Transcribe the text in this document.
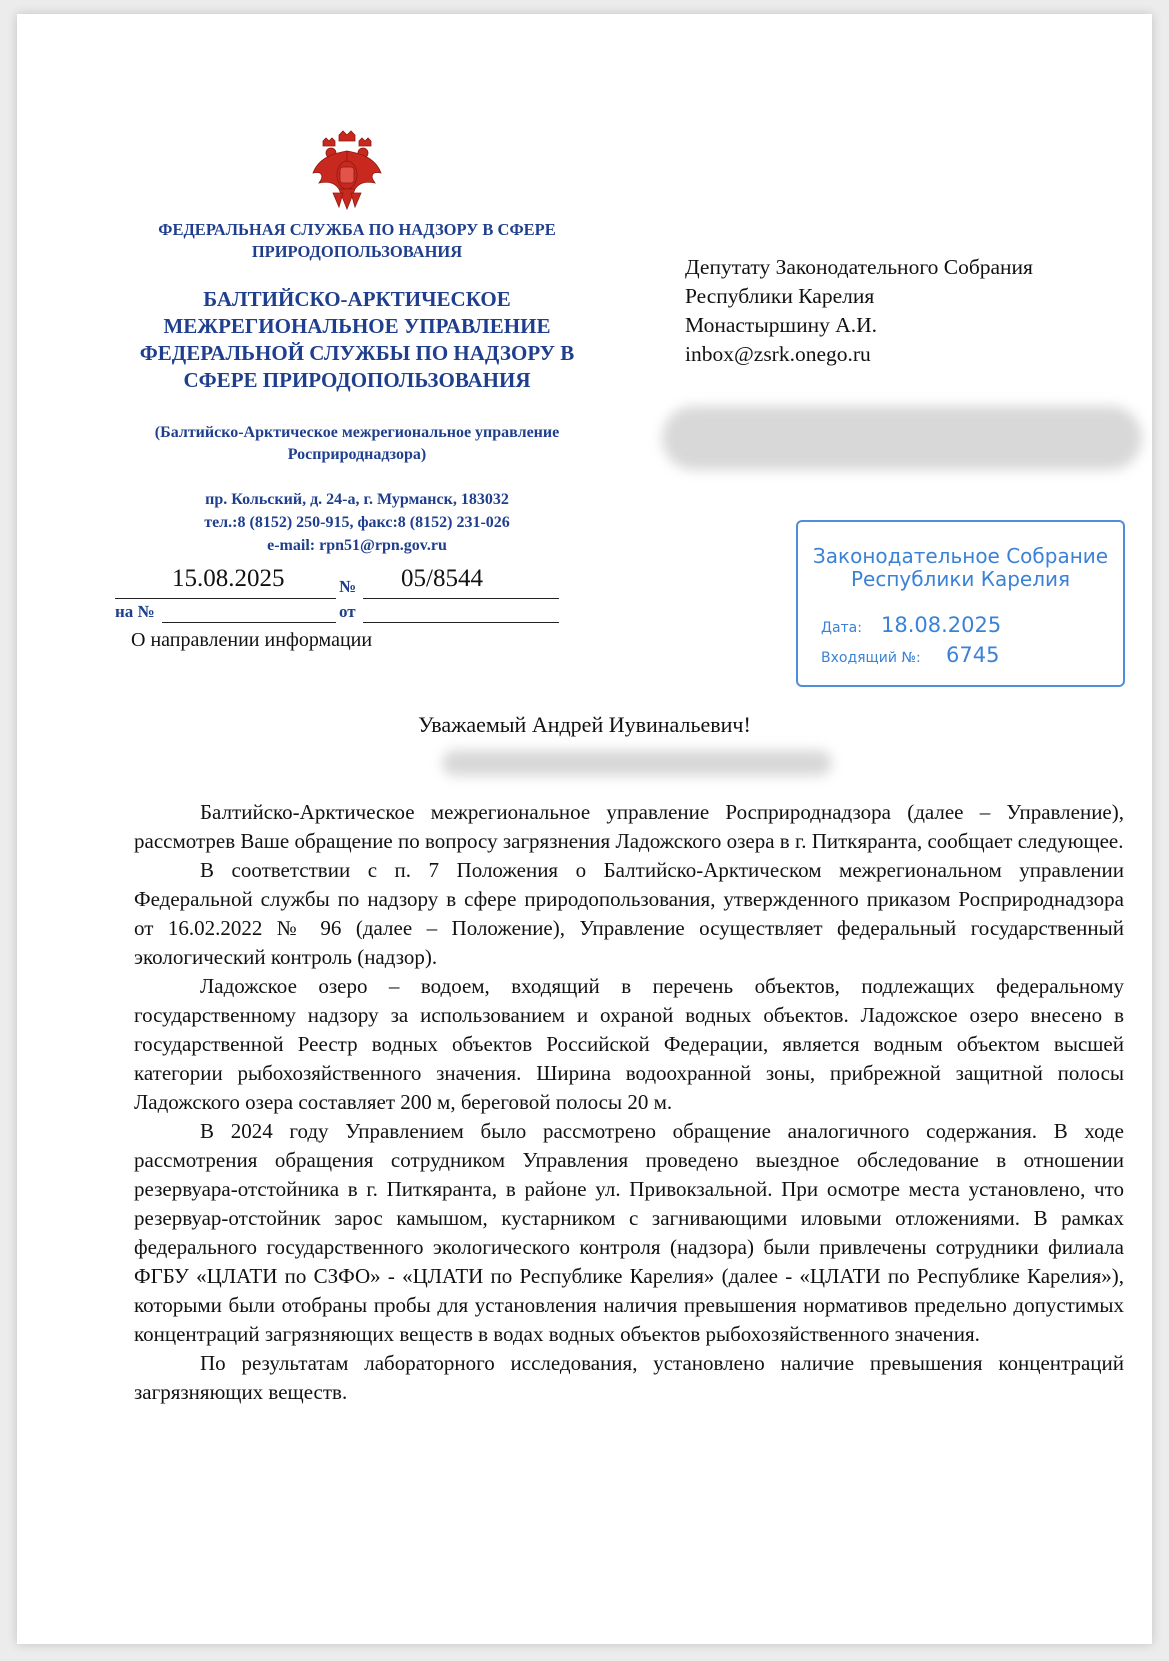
ФЕДЕРАЛЬНАЯ СЛУЖБА ПО НАДЗОРУ В СФЕРЕ ПРИРОДОПОЛЬЗОВАНИЯ
БАЛТИЙСКО-АРКТИЧЕСКОЕ МЕЖРЕГИОНАЛЬНОЕ УПРАВЛЕНИЕ ФЕДЕРАЛЬНОЙ СЛУЖБЫ ПО НАДЗОРУ В СФЕРЕ ПРИРОДОПОЛЬЗОВАНИЯ
(Балтийско-Арктическое межрегиональное управление Росприроднадзора)
пр. Кольский, д. 24-а, г. Мурманск, 183032
тел.:8 (8152) 250-915, факс:8 (8152) 231-026
e-mail: rpn51@rpn.gov.ru
15.08.2025	№ 05/8544
на №	от
О направлении информации
Депутату Законодательного Собрания
Республики Карелия
Монастыршину А.И.
inbox@zsrk.onego.ru
Законодательное Собрание
Республики Карелия
Дата: 18.08.2025
Входящий №: 6745
Уважаемый Андрей Иувинальевич!

Балтийско-Арктическое межрегиональное управление Росприроднадзора (далее – Управление), рассмотрев Ваше обращение по вопросу загрязнения Ладожского озера в г. Питкяранта, сообщает следующее.

В соответствии с п. 7 Положения о Балтийско-Арктическом межрегиональном управлении Федеральной службы по надзору в сфере природопользования, утвержденного приказом Росприроднадзора от 16.02.2022 № 96 (далее – Положение), Управление осуществляет федеральный государственный экологический контроль (надзор).

Ладожское озеро – водоем, входящий в перечень объектов, подлежащих федеральному государственному надзору за использованием и охраной водных объектов. Ладожское озеро внесено в государственной Реестр водных объектов Российской Федерации, является водным объектом высшей категории рыбохозяйственного значения. Ширина водоохранной зоны, прибрежной защитной полосы Ладожского озера составляет 200 м, береговой полосы 20 м.

В 2024 году Управлением было рассмотрено обращение аналогичного содержания. В ходе рассмотрения обращения сотрудником Управления проведено выездное обследование в отношении резервуара-отстойника в г. Питкяранта, в районе ул. Привокзальной. При осмотре места установлено, что резервуар-отстойник зарос камышом, кустарником с загнивающими иловыми отложениями. В рамках федерального государственного экологического контроля (надзора) были привлечены сотрудники филиала ФГБУ «ЦЛАТИ по СЗФО» - «ЦЛАТИ по Республике Карелия» (далее - «ЦЛАТИ по Республике Карелия»), которыми были отобраны пробы для установления наличия превышения нормативов предельно допустимых концентраций загрязняющих веществ в водах водных объектов рыбохозяйственного значения.

По результатам лабораторного исследования, установлено наличие превышения концентраций загрязняющих веществ.
